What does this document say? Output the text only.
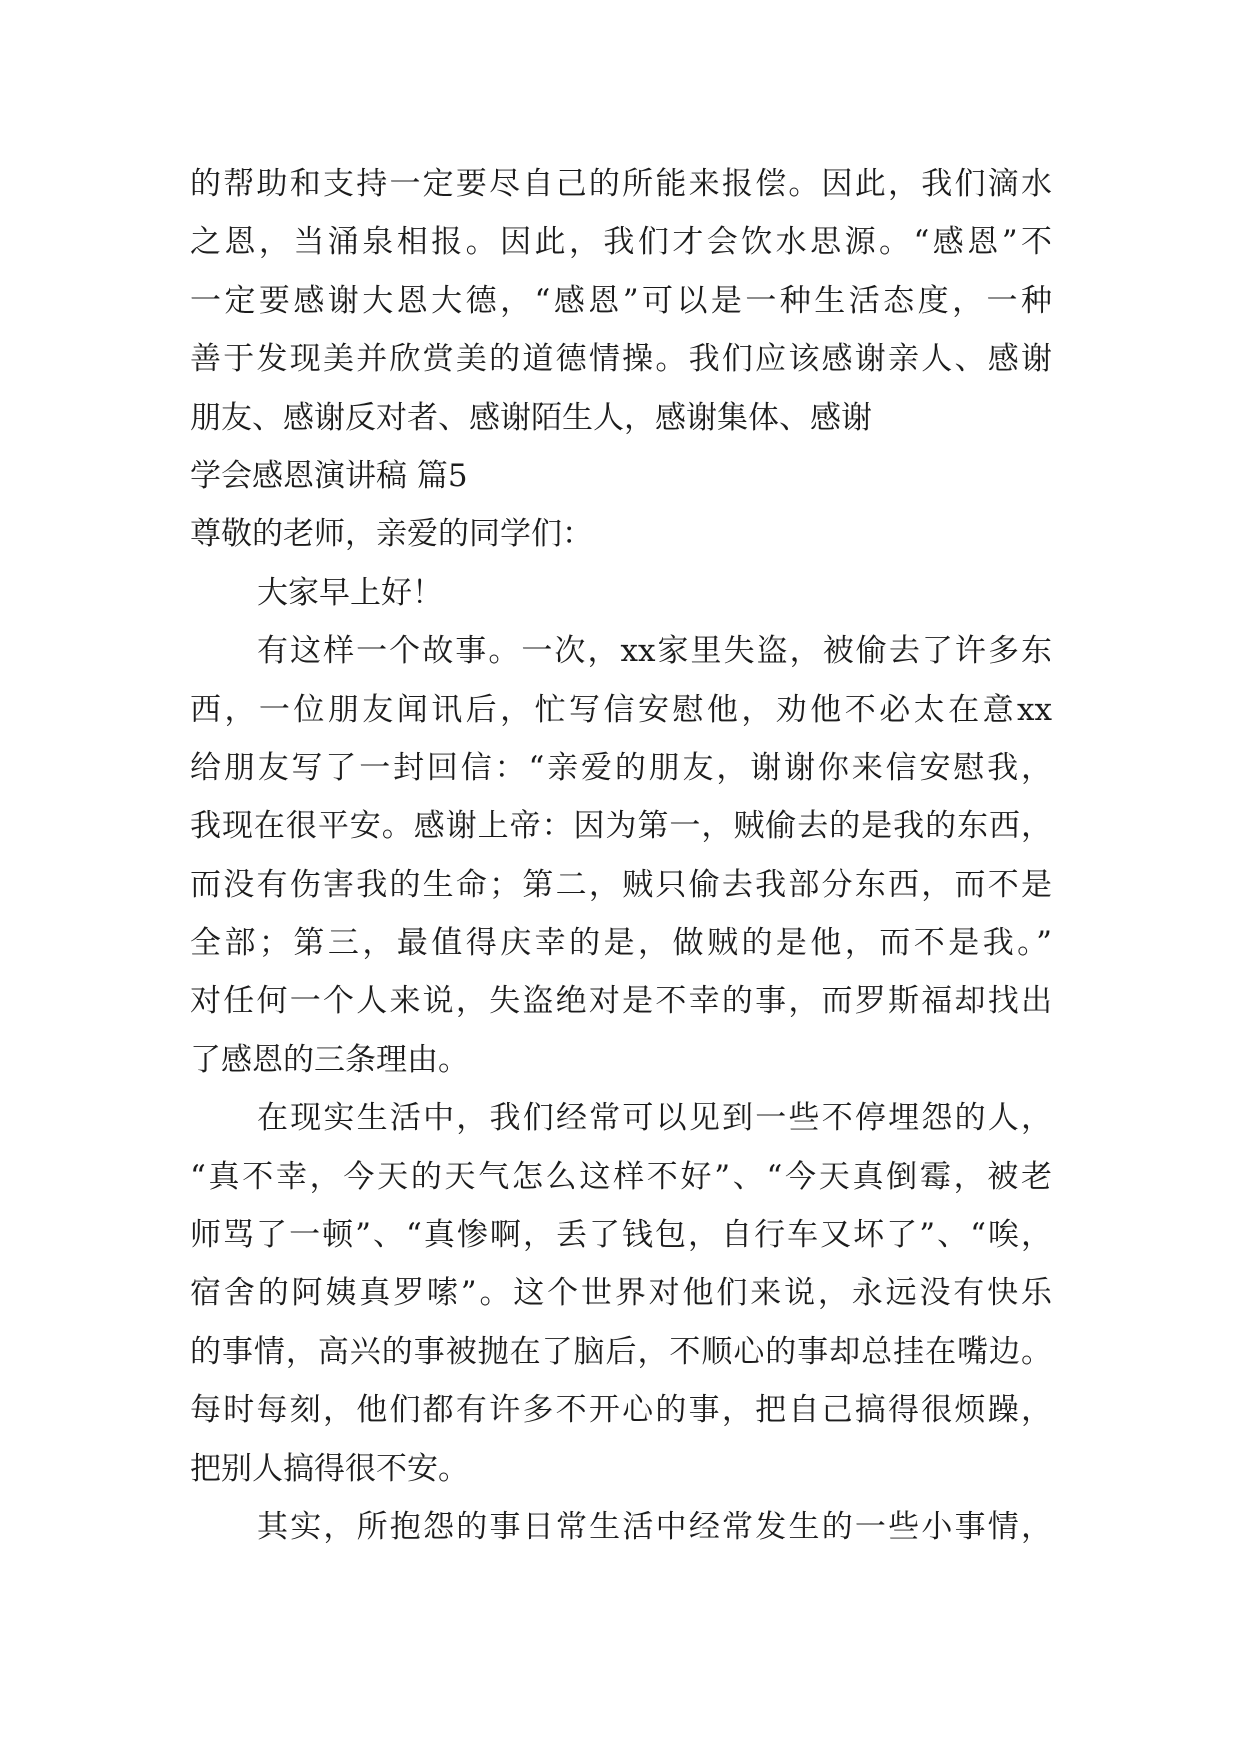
的帮助和支持一定要尽自己的所能来报偿。因此，我们滴水
之恩，当涌泉相报。因此，我们才会饮水思源。“感恩”不
一定要感谢大恩大德，“感恩”可以是一种生活态度，一种
善于发现美并欣赏美的道德情操。我们应该感谢亲人、感谢
朋友、感谢反对者、感谢陌生人，感谢集体、感谢
学会感恩演讲稿 篇5
尊敬的老师，亲爱的同学们：
大家早上好！
有这样一个故事。一次，xx家里失盗，被偷去了许多东
西，一位朋友闻讯后，忙写信安慰他，劝他不必太在意xx
给朋友写了一封回信：“亲爱的朋友，谢谢你来信安慰我，
我现在很平安。感谢上帝：因为第一，贼偷去的是我的东西，
而没有伤害我的生命；第二，贼只偷去我部分东西，而不是
全部；第三，最值得庆幸的是，做贼的是他，而不是我。”
对任何一个人来说，失盗绝对是不幸的事，而罗斯福却找出
了感恩的三条理由。
在现实生活中，我们经常可以见到一些不停埋怨的人，
“真不幸，今天的天气怎么这样不好”、“今天真倒霉，被老
师骂了一顿”、“真惨啊，丢了钱包，自行车又坏了”、“唉，
宿舍的阿姨真罗嗦”。这个世界对他们来说，永远没有快乐
的事情，高兴的事被抛在了脑后，不顺心的事却总挂在嘴边。
每时每刻，他们都有许多不开心的事，把自己搞得很烦躁，
把别人搞得很不安。
其实，所抱怨的事日常生活中经常发生的一些小事情，
